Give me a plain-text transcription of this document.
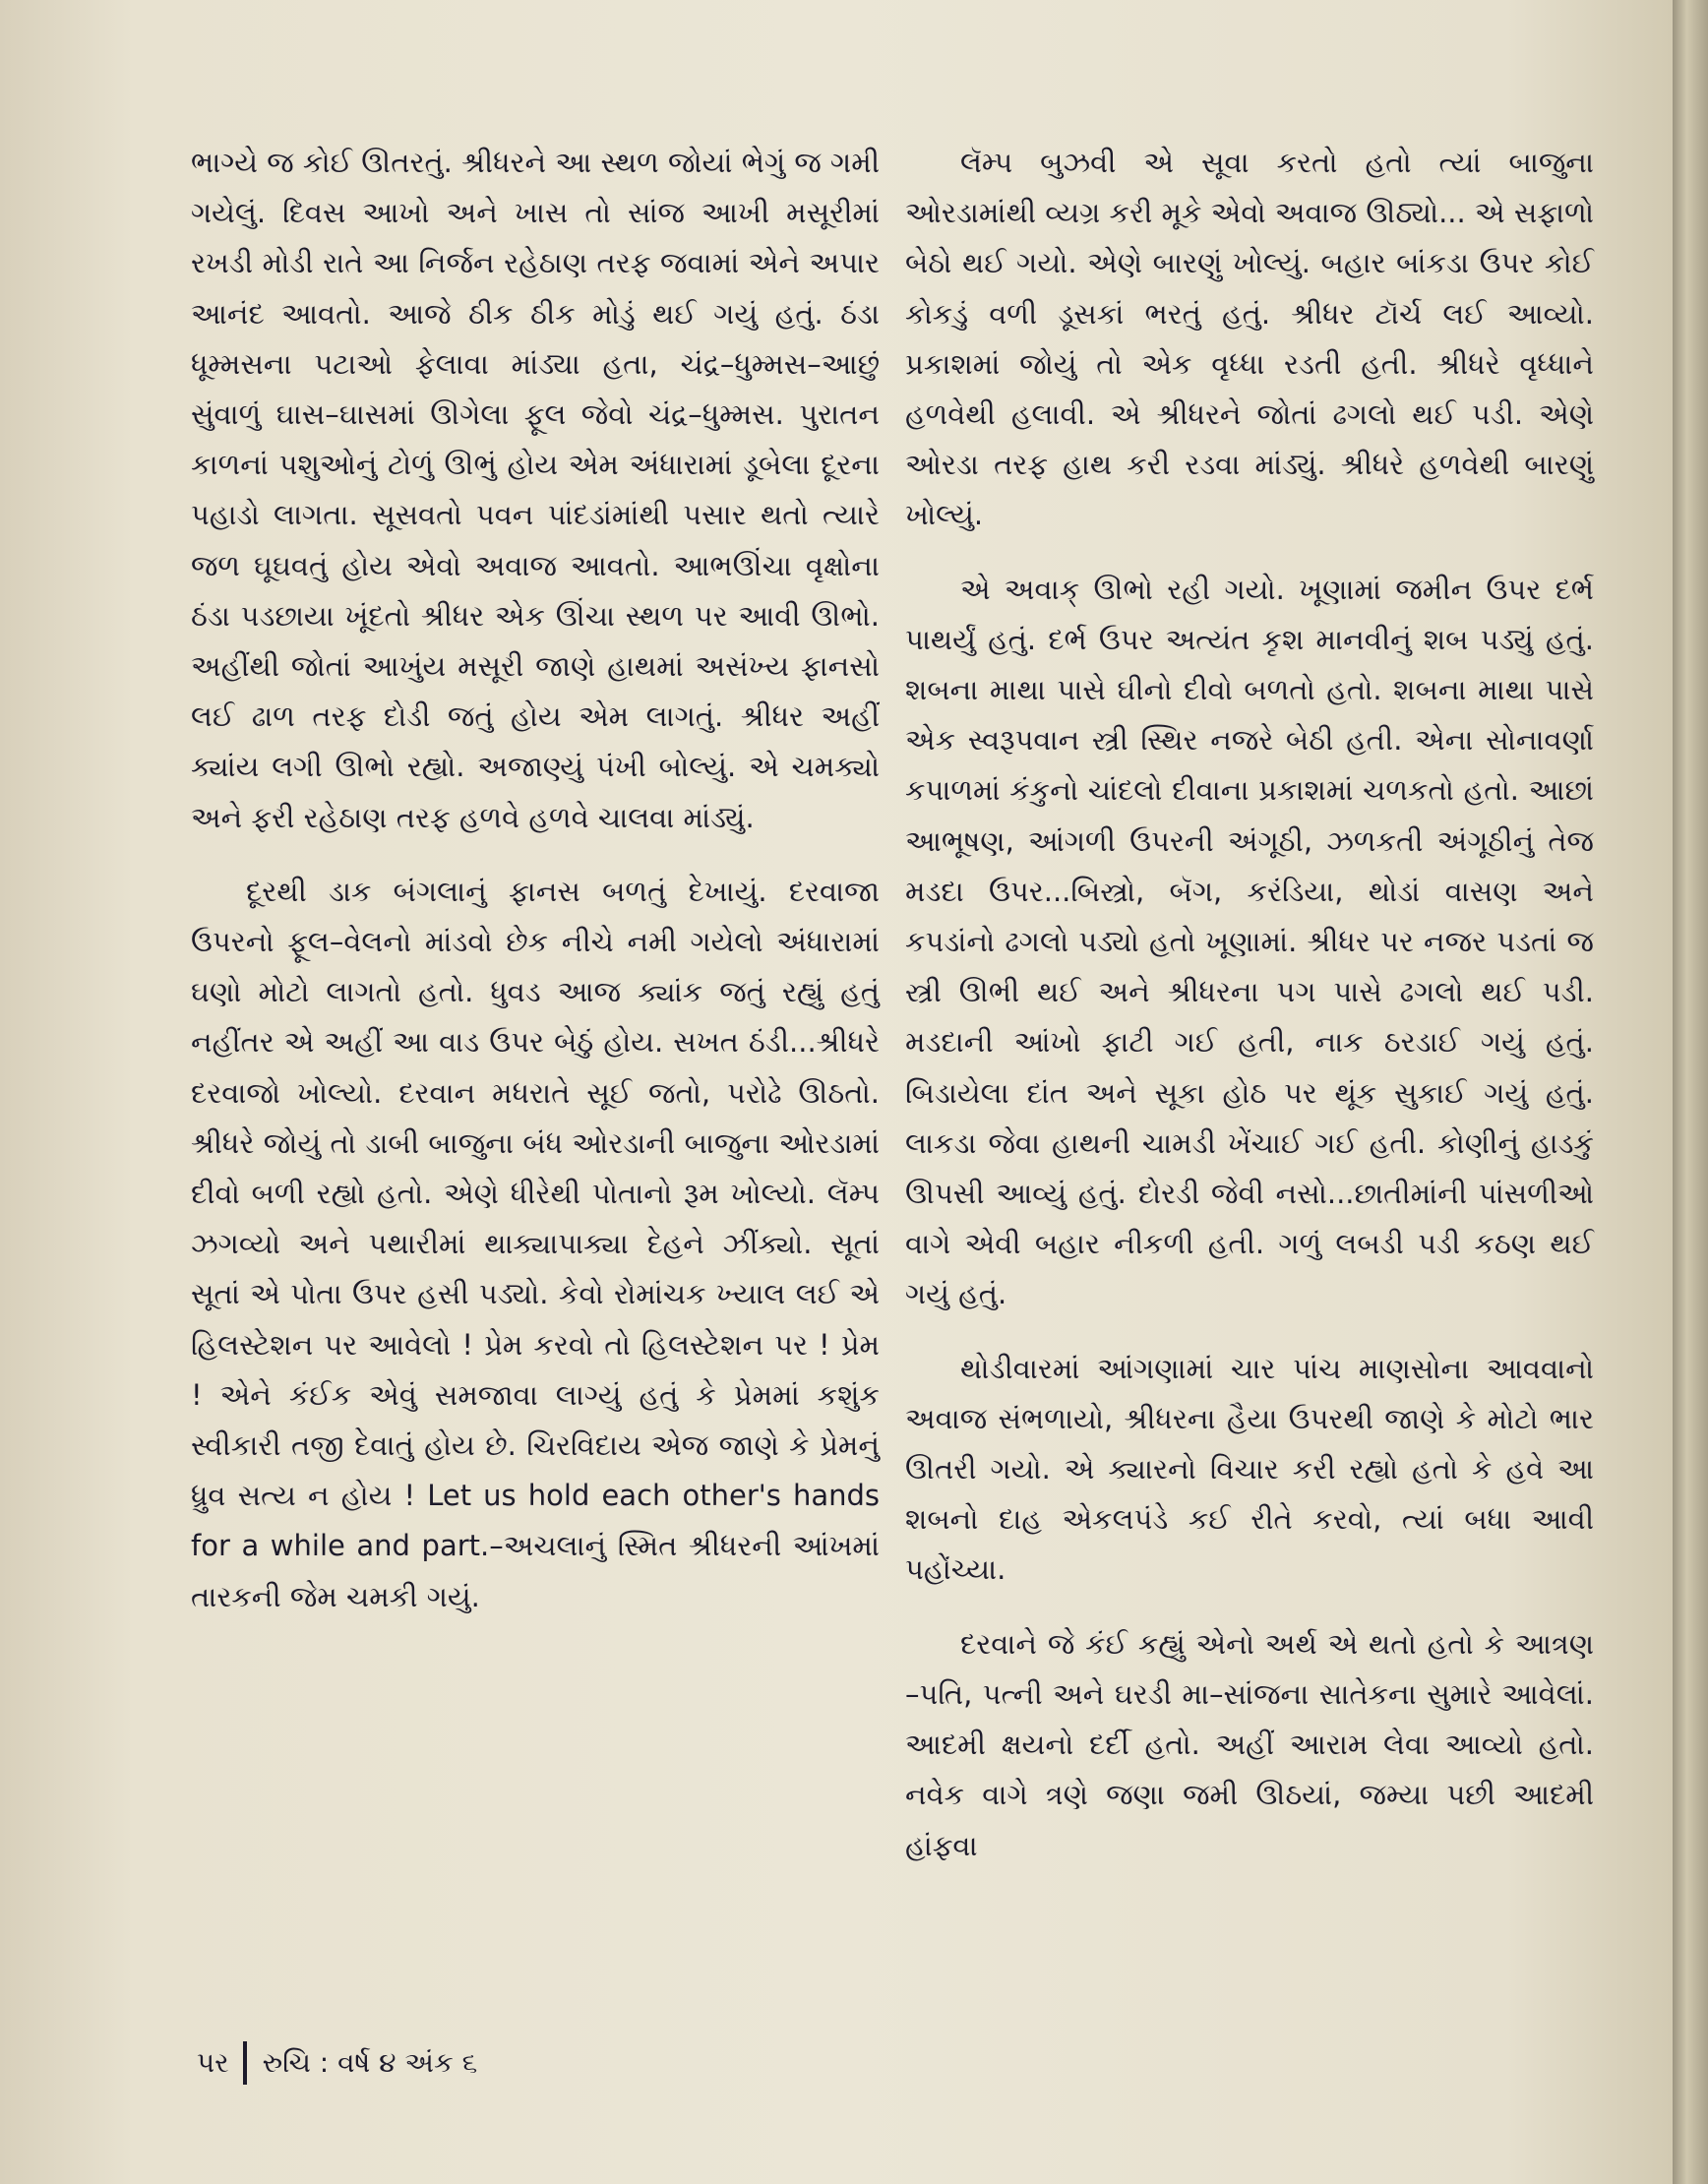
ભાગ્યે જ કોઈ ઊતરતું. શ્રીધરને આ સ્થળ જોયાં ભેગું જ ગમી ગયેલું. દિવસ આખો અને ખાસ તો સાંજ આખી મસૂરીમાં રખડી મોડી રાતે આ નિર્જન રહેઠાણ તરફ જવામાં એને અપાર આનંદ આવતો. આજે ઠીક ઠીક મોડું થઈ ગયું હતું. ઠંડા ધૂમ્મસના પટાઓ ફેલાવા માંડ્યા હતા, ચંદ્ર–ધુમ્મસ–આછું સુંવાળું ઘાસ–ઘાસમાં ઊગેલા ફૂલ જેવો ચંદ્ર–ધુમ્મસ. પુરાતન કાળનાં પશુઓનું ટોળું ઊભું હોય એમ અંધારામાં ડૂબેલા દૂરના પહાડો લાગતા. સૂસવતો પવન પાંદડાંમાંથી પસાર થતો ત્યારે જળ ઘૂઘવતું હોય એવો અવાજ આવતો. આભઊંચા વૃક્ષોના ઠંડા પડછાયા ખૂંદતો શ્રીધર એક ઊંચા સ્થળ પર આવી ઊભો. અહીંથી જોતાં આખુંય મસૂરી જાણે હાથમાં અસંખ્ય ફાનસો લઈ ઢાળ તરફ દોડી જતું હોય એમ લાગતું. શ્રીધર અહીં ક્યાંય લગી ઊભો રહ્યો. અજાણ્યું પંખી બોલ્યું. એ ચમક્યો અને ફરી રહેઠાણ તરફ હળવે હળવે ચાલવા માંડ્યું.

દૂરથી ડાક બંગલાનું ફાનસ બળતું દેખાયું. દરવાજા ઉપરનો ફૂલ–વેલનો માંડવો છેક નીચે નમી ગયેલો અંધારામાં ઘણો મોટો લાગતો હતો. ધુવડ આજ ક્યાંક જતું રહ્યું હતું નહીંતર એ અહીં આ વાડ ઉપર બેઠું હોય. સખત ઠંડી...શ્રીધરે દરવાજો ખોલ્યો. દરવાન મધરાતે સૂઈ જતો, પરોઢે ઊઠતો. શ્રીધરે જોયું તો ડાબી બાજુના બંધ ઓરડાની બાજુના ઓરડામાં દીવો બળી રહ્યો હતો. એણે ધીરેથી પોતાનો રૂમ ખોલ્યો. લૅમ્પ ઝગવ્યો અને પથારીમાં થાક્યાપાક્યા દેહને ઝીંક્યો. સૂતાં સૂતાં એ પોતા ઉપર હસી પડ્યો. કેવો રોમાંચક ખ્યાલ લઈ એ હિલસ્ટેશન પર આવેલો ! પ્રેમ કરવો તો હિલસ્ટેશન પર ! પ્રેમ ! એને કંઈક એવું સમજાવા લાગ્યું હતું કે પ્રેમમાં કશુંક સ્વીકારી તજી દેવાતું હોય છે. ચિરવિદાય એજ જાણે કે પ્રેમનું ધ્રુવ સત્ય ન હોય ! Let us hold each other's hands for a while and part.–અચલાનું સ્મિત શ્રીધરની આંખમાં તારકની જેમ ચમકી ગયું.

લૅમ્પ બુઝવી એ સૂવા કરતો હતો ત્યાં બાજુના ઓરડામાંથી વ્યગ્ર કરી મૂકે એવો અવાજ ઊઠ્યો... એ સફાળો બેઠો થઈ ગયો. એણે બારણું ખોલ્યું. બહાર બાંકડા ઉપર કોઈ કોકડું વળી ડૂસકાં ભરતું હતું. શ્રીધર ટૉર્ચ લઈ આવ્યો. પ્રકાશમાં જોયું તો એક વૃધ્ધા રડતી હતી. શ્રીધરે વૃધ્ધાને હળવેથી હલાવી. એ શ્રીધરને જોતાં ઢગલો થઈ પડી. એણે ઓરડા તરફ હાથ કરી રડવા માંડ્યું. શ્રીધરે હળવેથી બારણું ખોલ્યું.

એ અવાક્ ઊભો રહી ગયો. ખૂણામાં જમીન ઉપર દર્ભ પાથર્યું હતું. દર્ભ ઉપર અત્યંત કૃશ માનવીનું શબ પડ્યું હતું. શબના માથા પાસે ઘીનો દીવો બળતો હતો. શબના માથા પાસે એક સ્વરૂપવાન સ્ત્રી સ્થિર નજરે બેઠી હતી. એના સોનાવર્ણા કપાળમાં કંકુનો ચાંદલો દીવાના પ્રકાશમાં ચળકતો હતો. આછાં આભૂષણ, આંગળી ઉપરની અંગૂઠી, ઝળકતી અંગૂઠીનું તેજ મડદા ઉપર...બિસ્ત્રો, બૅગ, કરંડિયા, થોડાં વાસણ અને કપડાંનો ઢગલો પડ્યો હતો ખૂણામાં. શ્રીધર પર નજર પડતાં જ સ્ત્રી ઊભી થઈ અને શ્રીધરના પગ પાસે ઢગલો થઈ પડી. મડદાની આંખો ફાટી ગઈ હતી, નાક ઠરડાઈ ગયું હતું. બિડાયેલા દાંત અને સૂકા હોઠ પર થૂંક સુકાઈ ગયું હતું. લાકડા જેવા હાથની ચામડી ખેંચાઈ ગઈ હતી. કોણીનું હાડકું ઊપસી આવ્યું હતું. દોરડી જેવી નસો...છાતીમાંની પાંસળીઓ વાગે એવી બહાર નીકળી હતી. ગળું લબડી પડી કઠણ થઈ ગયું હતું.

થોડીવારમાં આંગણામાં ચાર પાંચ માણસોના આવવાનો અવાજ સંભળાયો, શ્રીધરના હૈયા ઉપરથી જાણે કે મોટો ભાર ઊતરી ગયો. એ ક્યારનો વિચાર કરી રહ્યો હતો કે હવે આ શબનો દાહ એકલપંડે કઈ રીતે કરવો, ત્યાં બધા આવી પહોંચ્યા.

દરવાને જે કંઈ કહ્યું એનો અર્થ એ થતો હતો કે આત્રણ –પતિ, પત્ની અને ઘરડી મા–સાંજના સાતેકના સુમારે આવેલાં. આદમી ક્ષયનો દર્દી હતો. અહીં આરામ લેવા આવ્યો હતો. નવેક વાગે ત્રણે જણા જમી ઊઠયાં, જમ્યા પછી આદમી હાંફવા

પર રુચિ : વર્ષ ૪ અંક ૬
